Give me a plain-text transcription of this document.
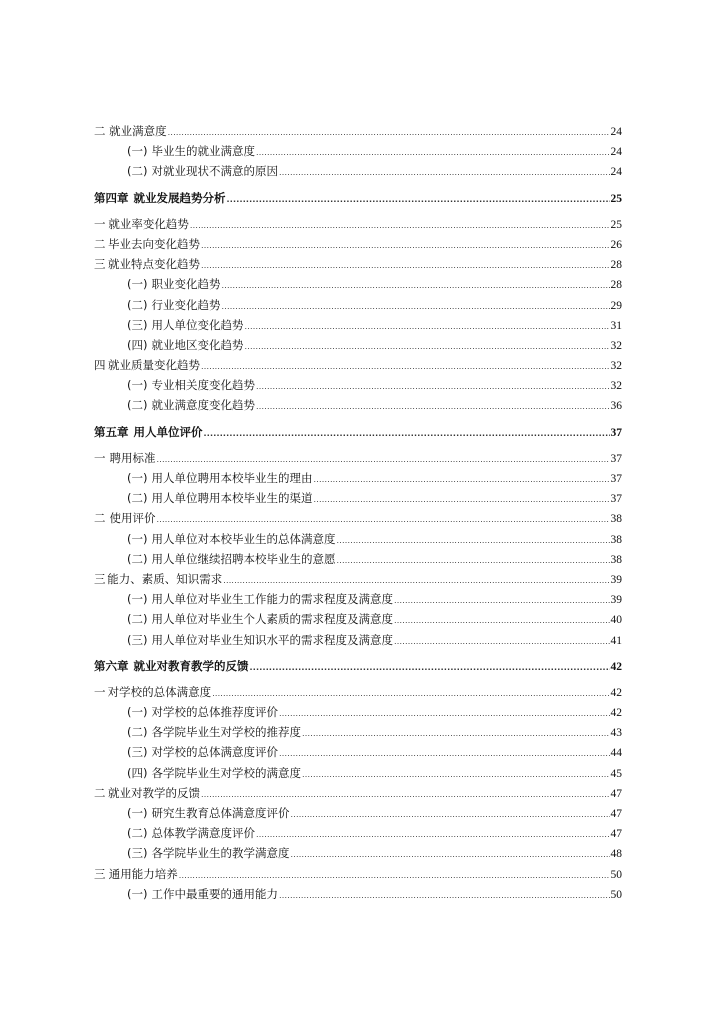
二 就业满意度 .....	24
(一) 毕业生的就业满意度 .....	24
(二) 对就业现状不满意的原因 .....	24
第四章 就业发展趋势分析 .....	25
一 就业率变化趋势 .....	25
二 毕业去向变化趋势 .....	26
三 就业特点变化趋势 .....	28
(一) 职业变化趋势 .....	28
(二) 行业变化趋势 .....	29
(三) 用人单位变化趋势 .....	31
(四) 就业地区变化趋势 .....	32
四 就业质量变化趋势 .....	32
(一) 专业相关度变化趋势 .....	32
(二) 就业满意度变化趋势 .....	36
第五章 用人单位评价 .....	37
一 聘用标准 .....	37
(一) 用人单位聘用本校毕业生的理由 .....	37
(二) 用人单位聘用本校毕业生的渠道 .....	37
二 使用评价 .....	38
(一) 用人单位对本校毕业生的总体满意度 .....	38
(二) 用人单位继续招聘本校毕业生的意愿 .....	38
三 能力、素质、知识需求 .....	39
(一) 用人单位对毕业生工作能力的需求程度及满意度 .....	39
(二) 用人单位对毕业生个人素质的需求程度及满意度 .....	40
(三) 用人单位对毕业生知识水平的需求程度及满意度 .....	41
第六章 就业对教育教学的反馈 .....	42
一 对学校的总体满意度 .....	42
(一) 对学校的总体推荐度评价 .....	42
(二) 各学院毕业生对学校的推荐度 .....	43
(三) 对学校的总体满意度评价 .....	44
(四) 各学院毕业生对学校的满意度 .....	45
二 就业对教学的反馈 .....	47
(一) 研究生教育总体满意度评价 .....	47
(二) 总体教学满意度评价 .....	47
(三) 各学院毕业生的教学满意度 .....	48
三 通用能力培养 .....	50
(一) 工作中最重要的通用能力 .....	50
